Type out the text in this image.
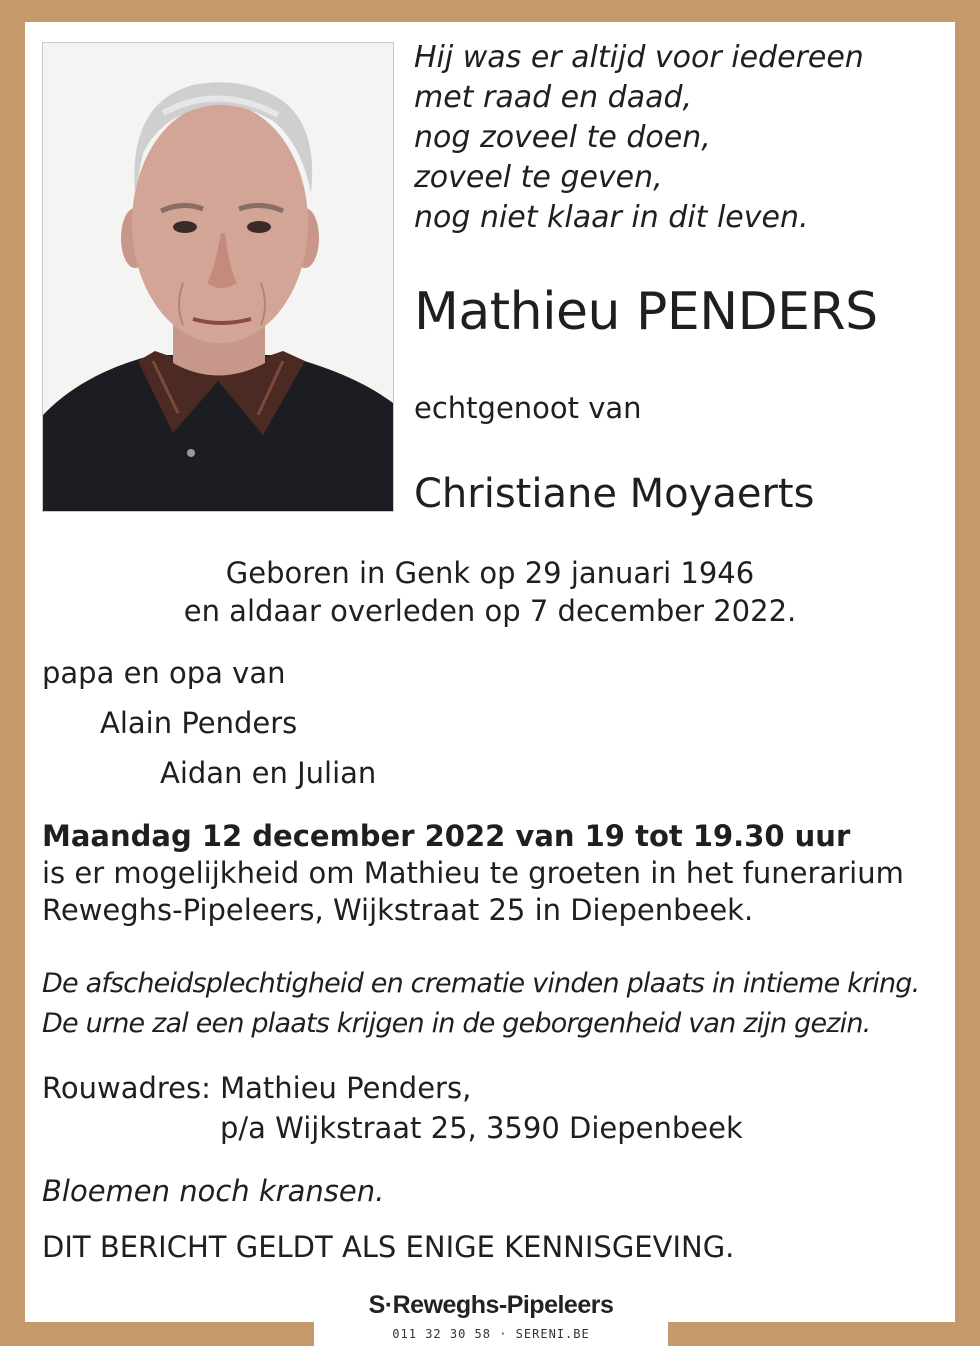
Hij was er altijd voor iedereen
met raad en daad,
nog zoveel te doen,
zoveel te geven,
nog niet klaar in dit leven.
Mathieu PENDERS
echtgenoot van
Christiane Moyaerts
Geboren in Genk op 29 januari 1946
en aldaar overleden op 7 december 2022.
papa en opa van
Alain Penders
Aidan en Julian
Maandag 12 december 2022 van 19 tot 19.30 uur
is er mogelijkheid om Mathieu te groeten in het funerarium
Reweghs-Pipeleers, Wijkstraat 25 in Diepenbeek.
De afscheidsplechtigheid en crematie vinden plaats in intieme kring.
De urne zal een plaats krijgen in de geborgenheid van zijn gezin.
Rouwadres: Mathieu Penders,
p/a Wijkstraat 25, 3590 Diepenbeek
Bloemen noch kransen.
DIT BERICHT GELDT ALS ENIGE KENNISGEVING.
S·Reweghs-Pipeleers
011 32 30 58 · SERENI.BE
